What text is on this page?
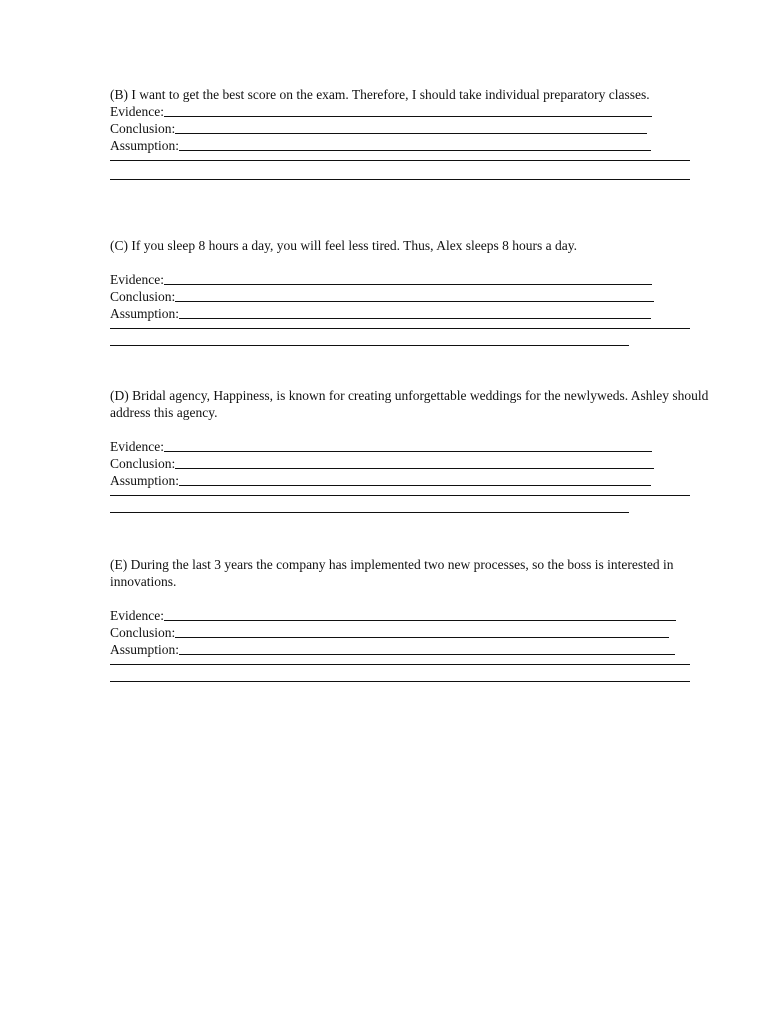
(B) I want to get the best score on the exam. Therefore, I should take individual preparatory classes.

Evidence:
Conclusion:
Assumption:

(C) If you sleep 8 hours a day, you will feel less tired. Thus, Alex sleeps 8 hours a day.

Evidence:
Conclusion:
Assumption:

(D) Bridal agency, Happiness, is known for creating unforgettable weddings for the newlyweds. Ashley should address this agency.

Evidence:
Conclusion:
Assumption:

(E) During the last 3 years the company has implemented two new processes, so the boss is interested in innovations.

Evidence:
Conclusion:
Assumption:
